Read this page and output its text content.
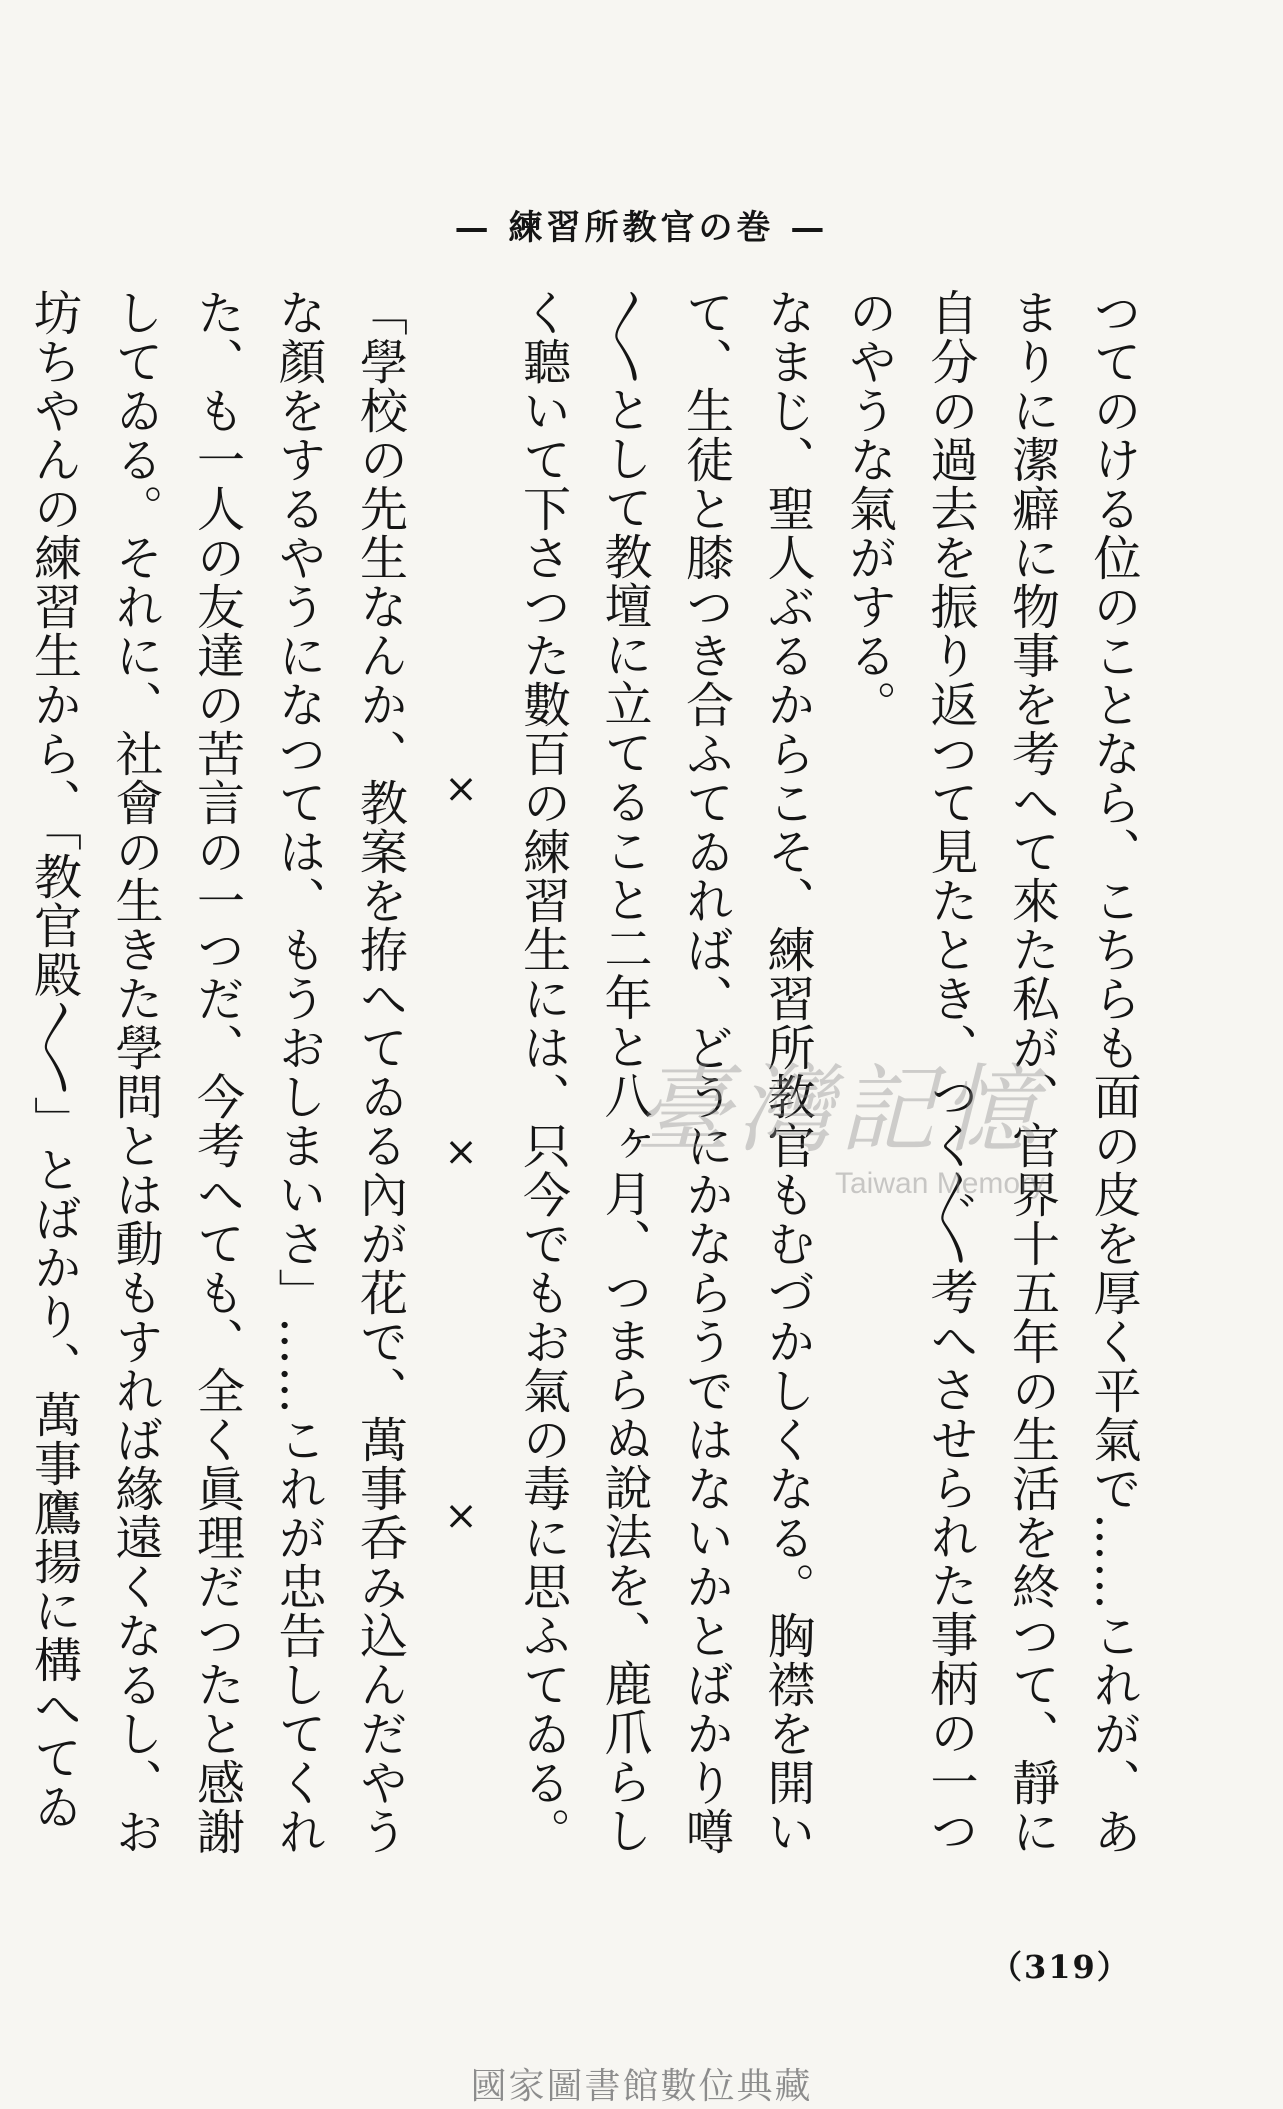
— 巻の官教所習練 —

つてのける位のことなら、こちらも面の皮を厚く平氣で……これが、あまりに潔癖に物事を考へて來た私が、官界十五年の生活を終つて、靜に自分の過去を振り返つて見たとき、つく〴〵考へさせられた事柄の一つのやうな氣がする。

なまじ、聖人ぶるからこそ、練習所教官もむづかしくなる。胸襟を開いて、生徒と膝つき合ふてゐれば、どうにかならうではないかとばかり噂〳〵として教壇に立てること二年と八ヶ月、つまらぬ說法を、鹿爪らしく聽いて下さつた數百の練習生には、只今でもお氣の毒に思ふてゐる。

×
×
×

「學校の先生なんか、教案を拵へてゐる內が花で、萬事呑み込んだやうな顏をするやうになつては、もうおしまいさ」……これが忠告してくれた、も一人の友達の苦言の一つだ、今考へても、全く眞理だつたと感謝してゐる。それに、社會の生きた學問とは動もすれば緣遠くなるし、お坊ちやんの練習生から、「教官殿〳〵」とばかり、萬事鷹揚に構へてゐ

臺灣記憶
Taiwan Memory
（319）
國家圖書館數位典藏
